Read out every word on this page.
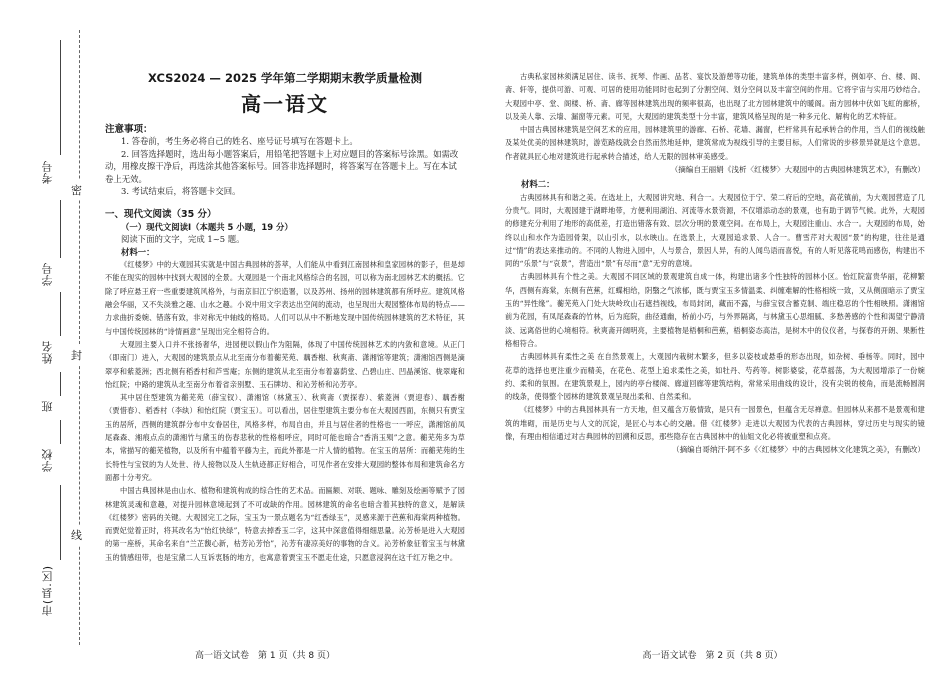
考号
学号
姓名
班
学校
市(县.区)
密
封
线

XCS2024 — 2025 学年第二学期期末教学质量检测

高一语文

注意事项：

1. 答卷前，考生务必将自己的姓名、座号证号填写在答题卡上。

2. 回答选择题时，选出每小题答案后，用铅笔把答题卡上对应题目的答案标号涂黑。如需改动，用橡皮擦干净后，再选涂其他答案标号。回答非选择题时，将答案写在答题卡上。写在本试卷上无效。

3. 考试结束后，将答题卡交回。

一、现代文阅读（35 分）

（一）现代文阅读Ⅰ（本题共 5 小题，19 分）

阅读下面的文字，完成 1~5 题。

材料一：

《红楼梦》中的大观园其实就是中国古典园林的荟萃，人们能从中看到江南园林和皇家园林的影子，但是却不能在现实的园林中找到大观园的全景。大观园是一个南北风格综合的名园，可以称为南北园林艺术的概括。它除了呼应悬王府一些重要建筑风格外，与南京旧江宁织造署，以及苏州、扬州的园林建筑都有所呼应。建筑风格融会华丽，又不失淡雅之趣、山水之趣。小说中用文字表达出空间的流动，也呈现出大观园整体布局的特点——力求曲折委婉、错落有致，非对称无中轴线的格局。人们可以从中不断地发现中国传统园林建筑的艺术特征，其与中国传统园林的“诗情画意”呈现出完全相符合的。

大观园主要入口并不张扬奢华，进园便以假山作为阻隔，体现了中国传统园林艺术的内敛和意境。从正门（即南门）进入，大观园的建筑景点从北至南分布着蘅芜苑、藕香榭、秋爽斋、潇湘馆等建筑；潇湘馆西侧是滴翠亭和紫菱洲；西北侧有稻香村和芦雪庵；东侧的建筑从北至南分布着嘉荫堂、凸碧山庄、凹晶溪馆、栊翠庵和怡红院；中路的建筑从北至南分布着省亲别墅、玉石牌坊、和沁芳桥和沁芳亭。

其中居住型建筑为蘅芜苑（薛宝钗）、潇湘馆（林黛玉）、秋爽斋（贾探春）、紫菱洲（贾迎春）、藕香榭（贾惜春）、稻香村（李纨）和怡红院（贾宝玉）。可以看出，居住型建筑主要分布在大观园西面，东侧只有贾宝玉的居所，西侧的建筑群分布中女眷居住，风格多样，布局自由，并且与居住者的性格也一一呼应，潇湘馆前凤尾森森、湘痕点点的潇湘竹与黛玉的伤春悲秋的性格相呼应，同时可能也暗合“香消玉殒”之意。蘅芜苑多为草本，常描写的蘅芜植物，以及所有中蕴着平藤为主，而此外都是一片人情的植物。在宝玉的居所：而蘅芜苑的生长特性与宝钗的为人处世、待人接物以及人生轨迹都正好相合，可见作者在安排大观园的整体布局和建筑命名方面都十分考究。

中国古典园林是由山水、植物和建筑构成的综合性的艺术品。而匾额、对联、题咏、雕刻及绘画等赋予了园林建筑灵魂和意趣，对提升园林意境起到了不可或缺的作用。园林建筑的命名也暗含着其独特的意义，是解读《红楼梦》密码的关键。大观园完工之际，宝玉为一景点题名为“红香绿玉”，灵感来源于芭蕉和海棠两种植物。而贾妃觉着正时，将其改名为“怡红快绿”，特意去掉香玉二字，这其中深意值得细细思量。沁芳桥是进入大观园的第一座桥，其命名来自“兰芷馥心新，枯芳沁芳怡”，沁芳有凄凉美好的事物的含义。沁芳桥象征着宝玉与林黛玉的情感纽带，也是宝黛二人互诉衷肠的地方，也寓意着贾宝玉不愿走仕途，只愿意浸润在这千红万艳之中。

高一语文试卷　第 1 页（共 8 页）

古典私家园林须满足居住、读书、抚琴、作画、品茗、宴饮及游憩等功能，建筑单体的类型丰富多样，例如亭、台、楼、阁、斋、轩等，提供可游、可观、可居的使用功能同时也起到了分割空间、划分空间以及丰富空间的作用。它将宇宙与实用巧妙结合。大观园中亭、堂、阁楼、桥、斋、廊等园林建筑出现的频率很高，也出现了北方园林建筑中的暖阁。南方园林中伏如飞虹的廊桥，以及美人靠、云墙、漏窗等元素。可见，大观园的建筑类型十分丰富，建筑风格呈现的是一种多元化、解构化的艺术特征。

中国古典园林建筑是空间艺术的应用，园林建筑里的游廊、石桥、花墙、漏窗，栏杆常具有起承转合的作用，当人们的视线触及某处优美的园林建筑时，游览路线就会自然而然地延伸，建筑常成为视线引导的主要目标，人们常说的步移景异就是这个意思。作者就具匠心地对建筑进行起承转合描述，给人无限的园林审美感受。

（摘编自王丽娟《浅析〈红楼梦〉大观园中的古典园林建筑艺术》，有删改）

材料二：

古典园林具有和谐之美。在选址上，大观园讲究地、利合一。大观园位于宁、荣二府后的空地，高花镇前，为大观园营造了几分贵气。同时，大观园建于湖畔地带，方便利用湖泊、河流等水景资源，不仅增添动态的景观，也有助于调节气候。此外，大观园的修建充分利用了地形的高低差，打造出错落有致、层次分明的景观空间。在布局上，大观园注重山、水合一。大观园的布局，始终以山和水作为造园骨架，以山引水，以水映山。在选景上，大观园追求景、人合一。曹雪芹对大观园“景”的构建，往往是通过“情”的表达来推动的。不同的人物进入园中，人与景合，景因人异，有的人闻鸟语而喜悦，有的人听见落花鸣而感伤，构建出不同的“乐景”与“哀景”，营造出“景”有尽而“意”无穷的意境。

古典园林具有个性之美。大观园不同区域的景观建筑自成一体，构建出诸多个性独特的园林小区。怡红院富贵华丽，花柳繁华，西侧有海棠，东侧有芭蕉，红蝶相给，阴翳之气浓郁，既与贾宝玉多情温柔、纠缠难解的性格相统一致，又从侧面暗示了贾宝玉的“异性缘”。蘅芜苑入门处大块岭玫山石遮挡视线，布局封闭，藏而不露，与薛宝钗含蓄克制、端庄稳忍的个性相映照。潇湘馆前为花园，有凤尾森森的竹林，后为庭院，曲径通幽，桥前小巧，与外界隔离，与林黛玉心思细腻、多愁善感的个性和渴望宁静清淡、远离俗世的心境相符。秋爽斋开阔明亮，主要植物是梧桐和芭蕉，梧桐姿态高洁，是树木中的仪仪者，与探春的开朗、果断性格相符合。

古典园林具有柔性之美 在自然景观上，大观园内栽树木繁多，但多以姿枝或悬垂的形态出现，如杂树、垂杨等。同时，园中花草的选择也更注重少而精美，在花色、花型上追求柔性之美，如牡丹、芍药等。树影婆娑，花草摇荡，为大观园增添了一份婉约、柔和的氛围。在建筑景观上，园内的亭台楼阁、廊道回廊等建筑结构，常常采用曲线的设计，没有尖锐的棱角，而是流畅圆润的线条，使得整个园林的建筑景观呈现出柔和、自然柔和。

《红楼梦》中的古典园林具有一方天地，但又蕴含万般情致，是只有一园景色，但蕴含无尽禅意。但园林从来都不是景观和建筑的堆砌，而是历史与人文的沉淀，是匠心与本心的交融。借《红楼梦》走进以大观园为代表的古典园林，穿过历史与现实的镜像，有理由相信通过对古典园林的回溯和反思，那些隐存在古典园林中的仙姐文化必将被重塑和点亮。

（摘编自哥纳汗·阿不多《〈红楼梦〉中的古典园林文化建筑之美》，有删改）

高一语文试卷　第 2 页（共 8 页）
